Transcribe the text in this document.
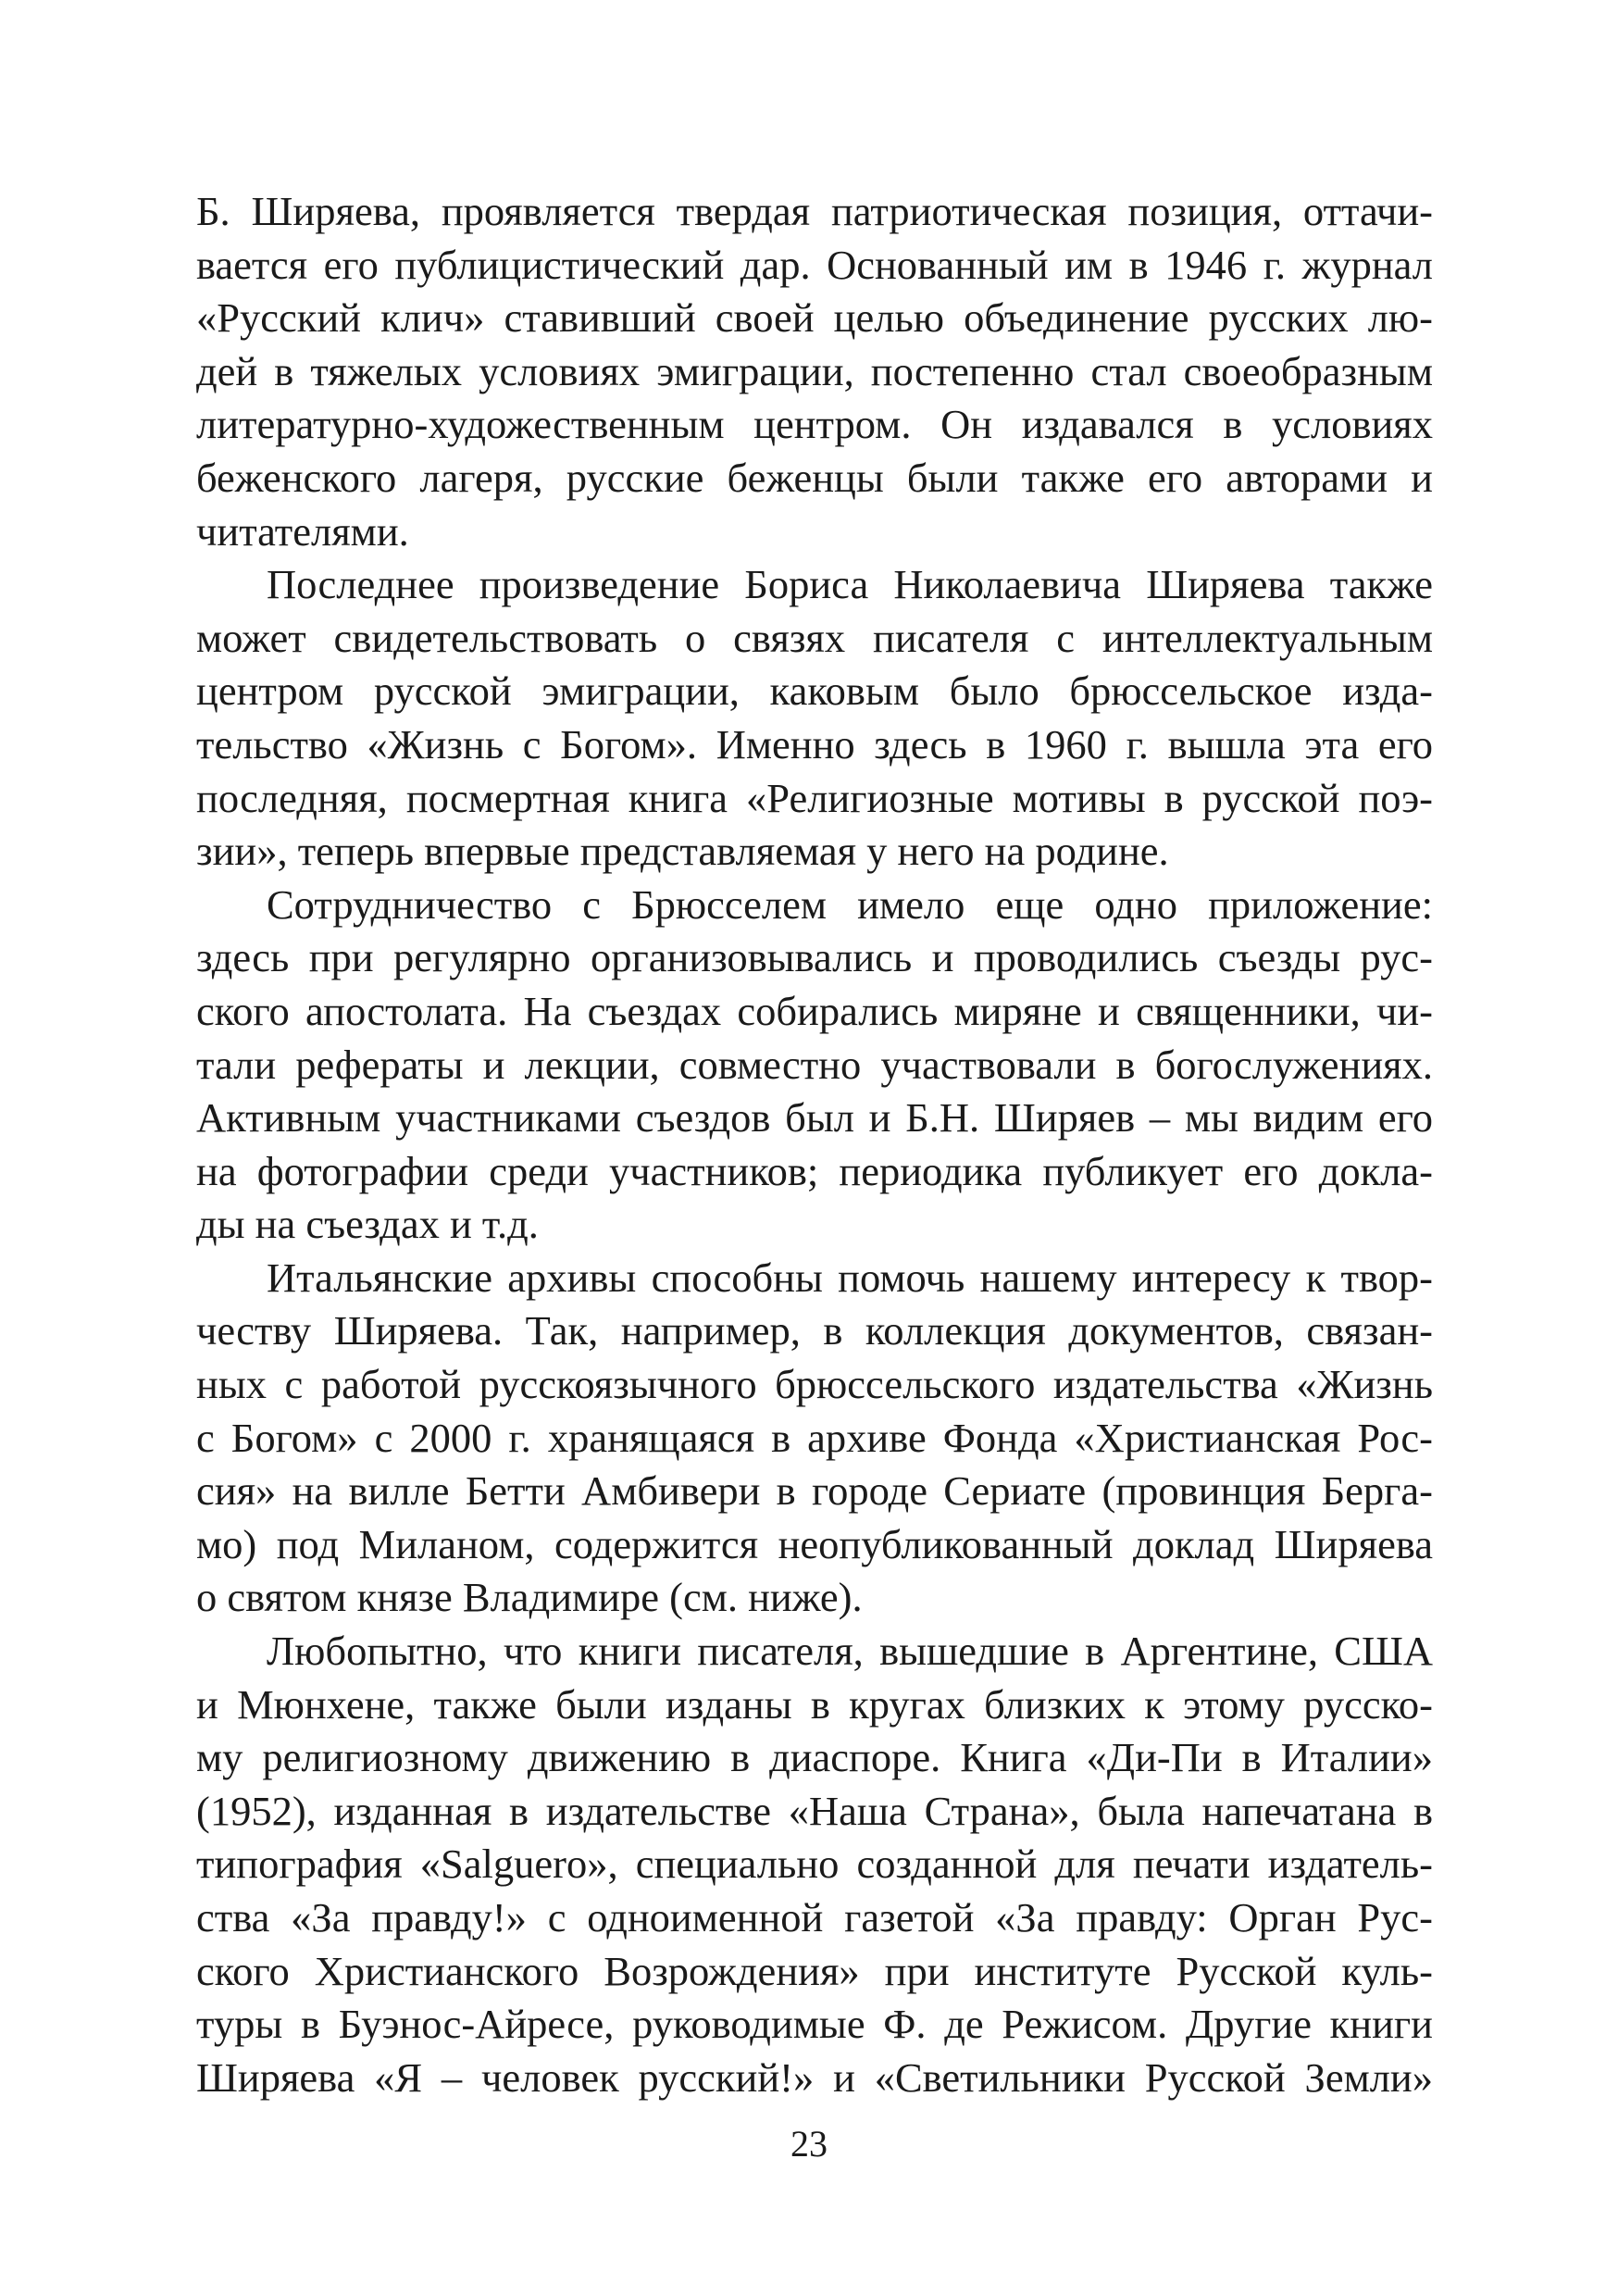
Б. Ширяева, проявляется твердая патриотическая позиция, оттачи-
вается его публицистический дар. Основанный им в 1946 г. журнал
«Русский клич» ставивший своей целью объединение русских лю-
дей в тяжелых условиях эмиграции, постепенно стал своеобразным
литературно-художественным центром. Он издавался в условиях
беженского лагеря, русские беженцы были также его авторами и
читателями.

Последнее произведение Бориса Николаевича Ширяева также
может свидетельствовать о связях писателя с интеллектуальным
центром русской эмиграции, каковым было брюссельское изда-
тельство «Жизнь с Богом». Именно здесь в 1960 г. вышла эта его
последняя, посмертная книга «Религиозные мотивы в русской поэ-
зии», теперь впервые представляемая у него на родине.

Сотрудничество с Брюсселем имело еще одно приложение:
здесь при регулярно организовывались и проводились съезды рус-
ского апостолата. На съездах собирались миряне и священники, чи-
тали рефераты и лекции, совместно участвовали в богослужениях.
Активным участниками съездов был и Б.Н. Ширяев – мы видим его
на фотографии среди участников; периодика публикует его докла-
ды на съездах и т.д.

Итальянские архивы способны помочь нашему интересу к твор-
честву Ширяева. Так, например, в коллекция документов, связан-
ных с работой русскоязычного брюссельского издательства «Жизнь
с Богом» с 2000 г. хранящаяся в архиве Фонда «Христианская Рос-
сия» на вилле Бетти Амбивери в городе Сериате (провинция Берга-
мо) под Миланом, содержится неопубликованный доклад Ширяева
о святом князе Владимире (см. ниже).

Любопытно, что книги писателя, вышедшие в Аргентине, США
и Мюнхене, также были изданы в кругах близких к этому русско-
му религиозному движению в диаспоре. Книга «Ди-Пи в Италии»
(1952), изданная в издательстве «Наша Страна», была напечатана в
типография «Salguero», специально созданной для печати издатель-
ства «За правду!» с одноименной газетой «За правду: Орган Рус-
ского Христианского Возрождения» при институте Русской куль-
туры в Буэнос-Айресе, руководимые Ф. де Режисом. Другие книги
Ширяева «Я – человек русский!» и «Светильники Русской Земли»

23
